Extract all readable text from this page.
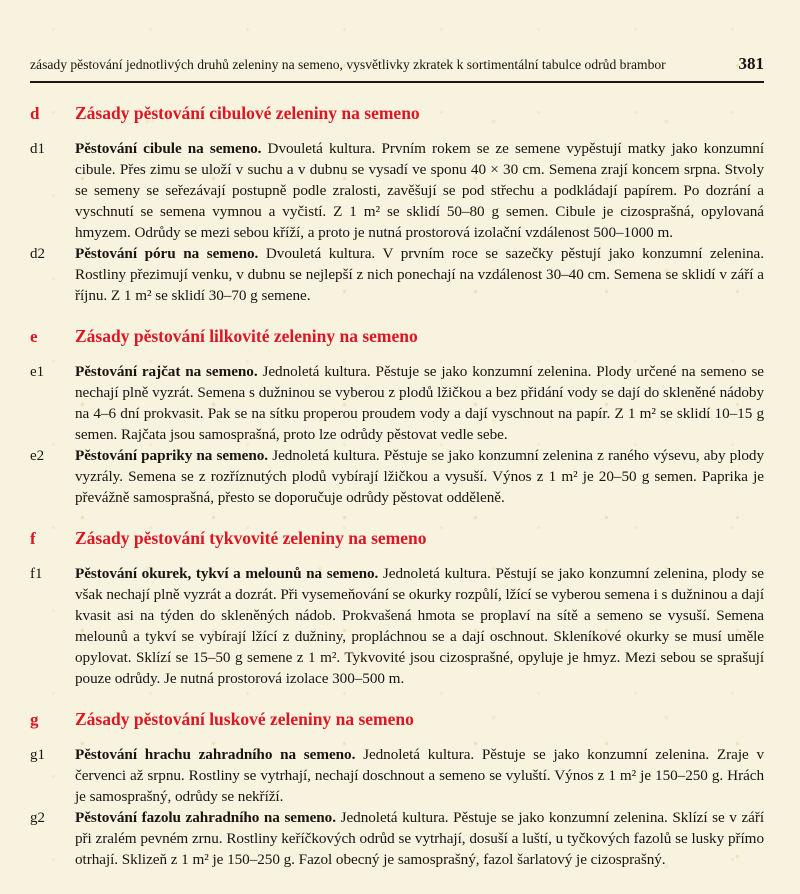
zásady pěstování jednotlivých druhů zeleniny na semeno, vysvětlivky zkratek k sortimentální tabulce odrůd brambor	381
d	Zásady pěstování cibulové zeleniny na semeno
d1	Pěstování cibule na semeno. Dvouletá kultura. Prvním rokem se ze semene vypěstují matky jako konzumní cibule. Přes zimu se uloží v suchu a v dubnu se vysadí ve sponu 40 × 30 cm. Semena zrají koncem srpna. Stvoly se semeny se seřezávají postupně podle zralosti, zavěšují se pod střechu a podkládají papírem. Po dozrání a vyschnutí se semena vymnou a vyčistí. Z 1 m² se sklidí 50–80 g semen. Cibule je cizosprašná, opylovaná hmyzem. Odrůdy se mezi sebou kříží, a proto je nutná prostorová izolační vzdálenost 500–1000 m.

d2	Pěstování póru na semeno. Dvouletá kultura. V prvním roce se sazečky pěstují jako konzumní zelenina. Rostliny přezimují venku, v dubnu se nejlepší z nich ponechají na vzdálenost 30–40 cm. Semena se sklidí v září a říjnu. Z 1 m² se sklidí 30–70 g semene.

e	Zásady pěstování lilkovité zeleniny na semeno
e1	Pěstování rajčat na semeno. Jednoletá kultura. Pěstuje se jako konzumní zelenina. Plody určené na semeno se nechají plně vyzrát. Semena s dužninou se vyberou z plodů lžičkou a bez přidání vody se dají do skleněné nádoby na 4–6 dní prokvasit. Pak se na sítku properou proudem vody a dají vyschnout na papír. Z 1 m² se sklidí 10–15 g semen. Rajčata jsou samosprašná, proto lze odrůdy pěstovat vedle sebe.

e2	Pěstování papriky na semeno. Jednoletá kultura. Pěstuje se jako konzumní zelenina z raného výsevu, aby plody vyzrály. Semena se z rozříznutých plodů vybírají lžičkou a vysuší. Výnos z 1 m² je 20–50 g semen. Paprika je převážně samosprašná, přesto se doporučuje odrůdy pěstovat odděleně.

f	Zásady pěstování tykvovité zeleniny na semeno
f1	Pěstování okurek, tykví a melounů na semeno. Jednoletá kultura. Pěstují se jako konzumní zelenina, plody se však nechají plně vyzrát a dozrát. Při vysemeňování se okurky rozpůlí, lžící se vyberou semena i s dužninou a dají kvasit asi na týden do skleněných nádob. Prokvašená hmota se proplaví na sítě a semeno se vysuší. Semena melounů a tykví se vybírají lžící z dužniny, propláchnou se a dají oschnout. Skleníkové okurky se musí uměle opylovat. Sklízí se 15–50 g semene z 1 m². Tykvovité jsou cizosprašné, opyluje je hmyz. Mezi sebou se sprašují pouze odrůdy. Je nutná prostorová izolace 300–500 m.

g	Zásady pěstování luskové zeleniny na semeno
g1	Pěstování hrachu zahradního na semeno. Jednoletá kultura. Pěstuje se jako konzumní zelenina. Zraje v červenci až srpnu. Rostliny se vytrhají, nechají doschnout a semeno se vyluští. Výnos z 1 m² je 150–250 g. Hrách je samosprašný, odrůdy se nekříží.

g2	Pěstování fazolu zahradního na semeno. Jednoletá kultura. Pěstuje se jako konzumní zelenina. Sklízí se v září při zralém pevném zrnu. Rostliny keříčkových odrůd se vytrhají, dosuší a luští, u tyčkových fazolů se lusky přímo otrhají. Sklizeň z 1 m² je 150–250 g. Fazol obecný je samosprašný, fazol šarlatový je cizosprašný.
